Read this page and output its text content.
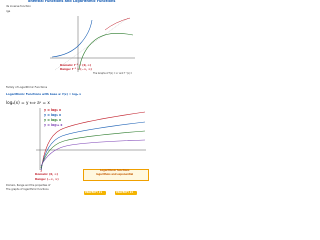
onential Functions and Logarithmic Functions
its inverse function
rge
Domain: f⁻¹ = (0, ∞)
Range: f⁻¹ = (−∞, ∞)
The Graphs of f(x) = aˣ and f⁻¹(x) =
Family of Logarithmic Functions
Logarithmic Functions with base a: f(x) = logₐ x
logₐ(x) = y ⟺ aʸ = x
y = log₂ x
y = log₃ x
y = log₅ x
y = log₁₀ x
Domain: (0, ∞)
Range: (−∞, ∞)
Domain, Range and the properties of
The graphs of logarithmic functions
Logarithmic functions
logarithms and exponential
PROPERTY #1	PROPERTY #2
